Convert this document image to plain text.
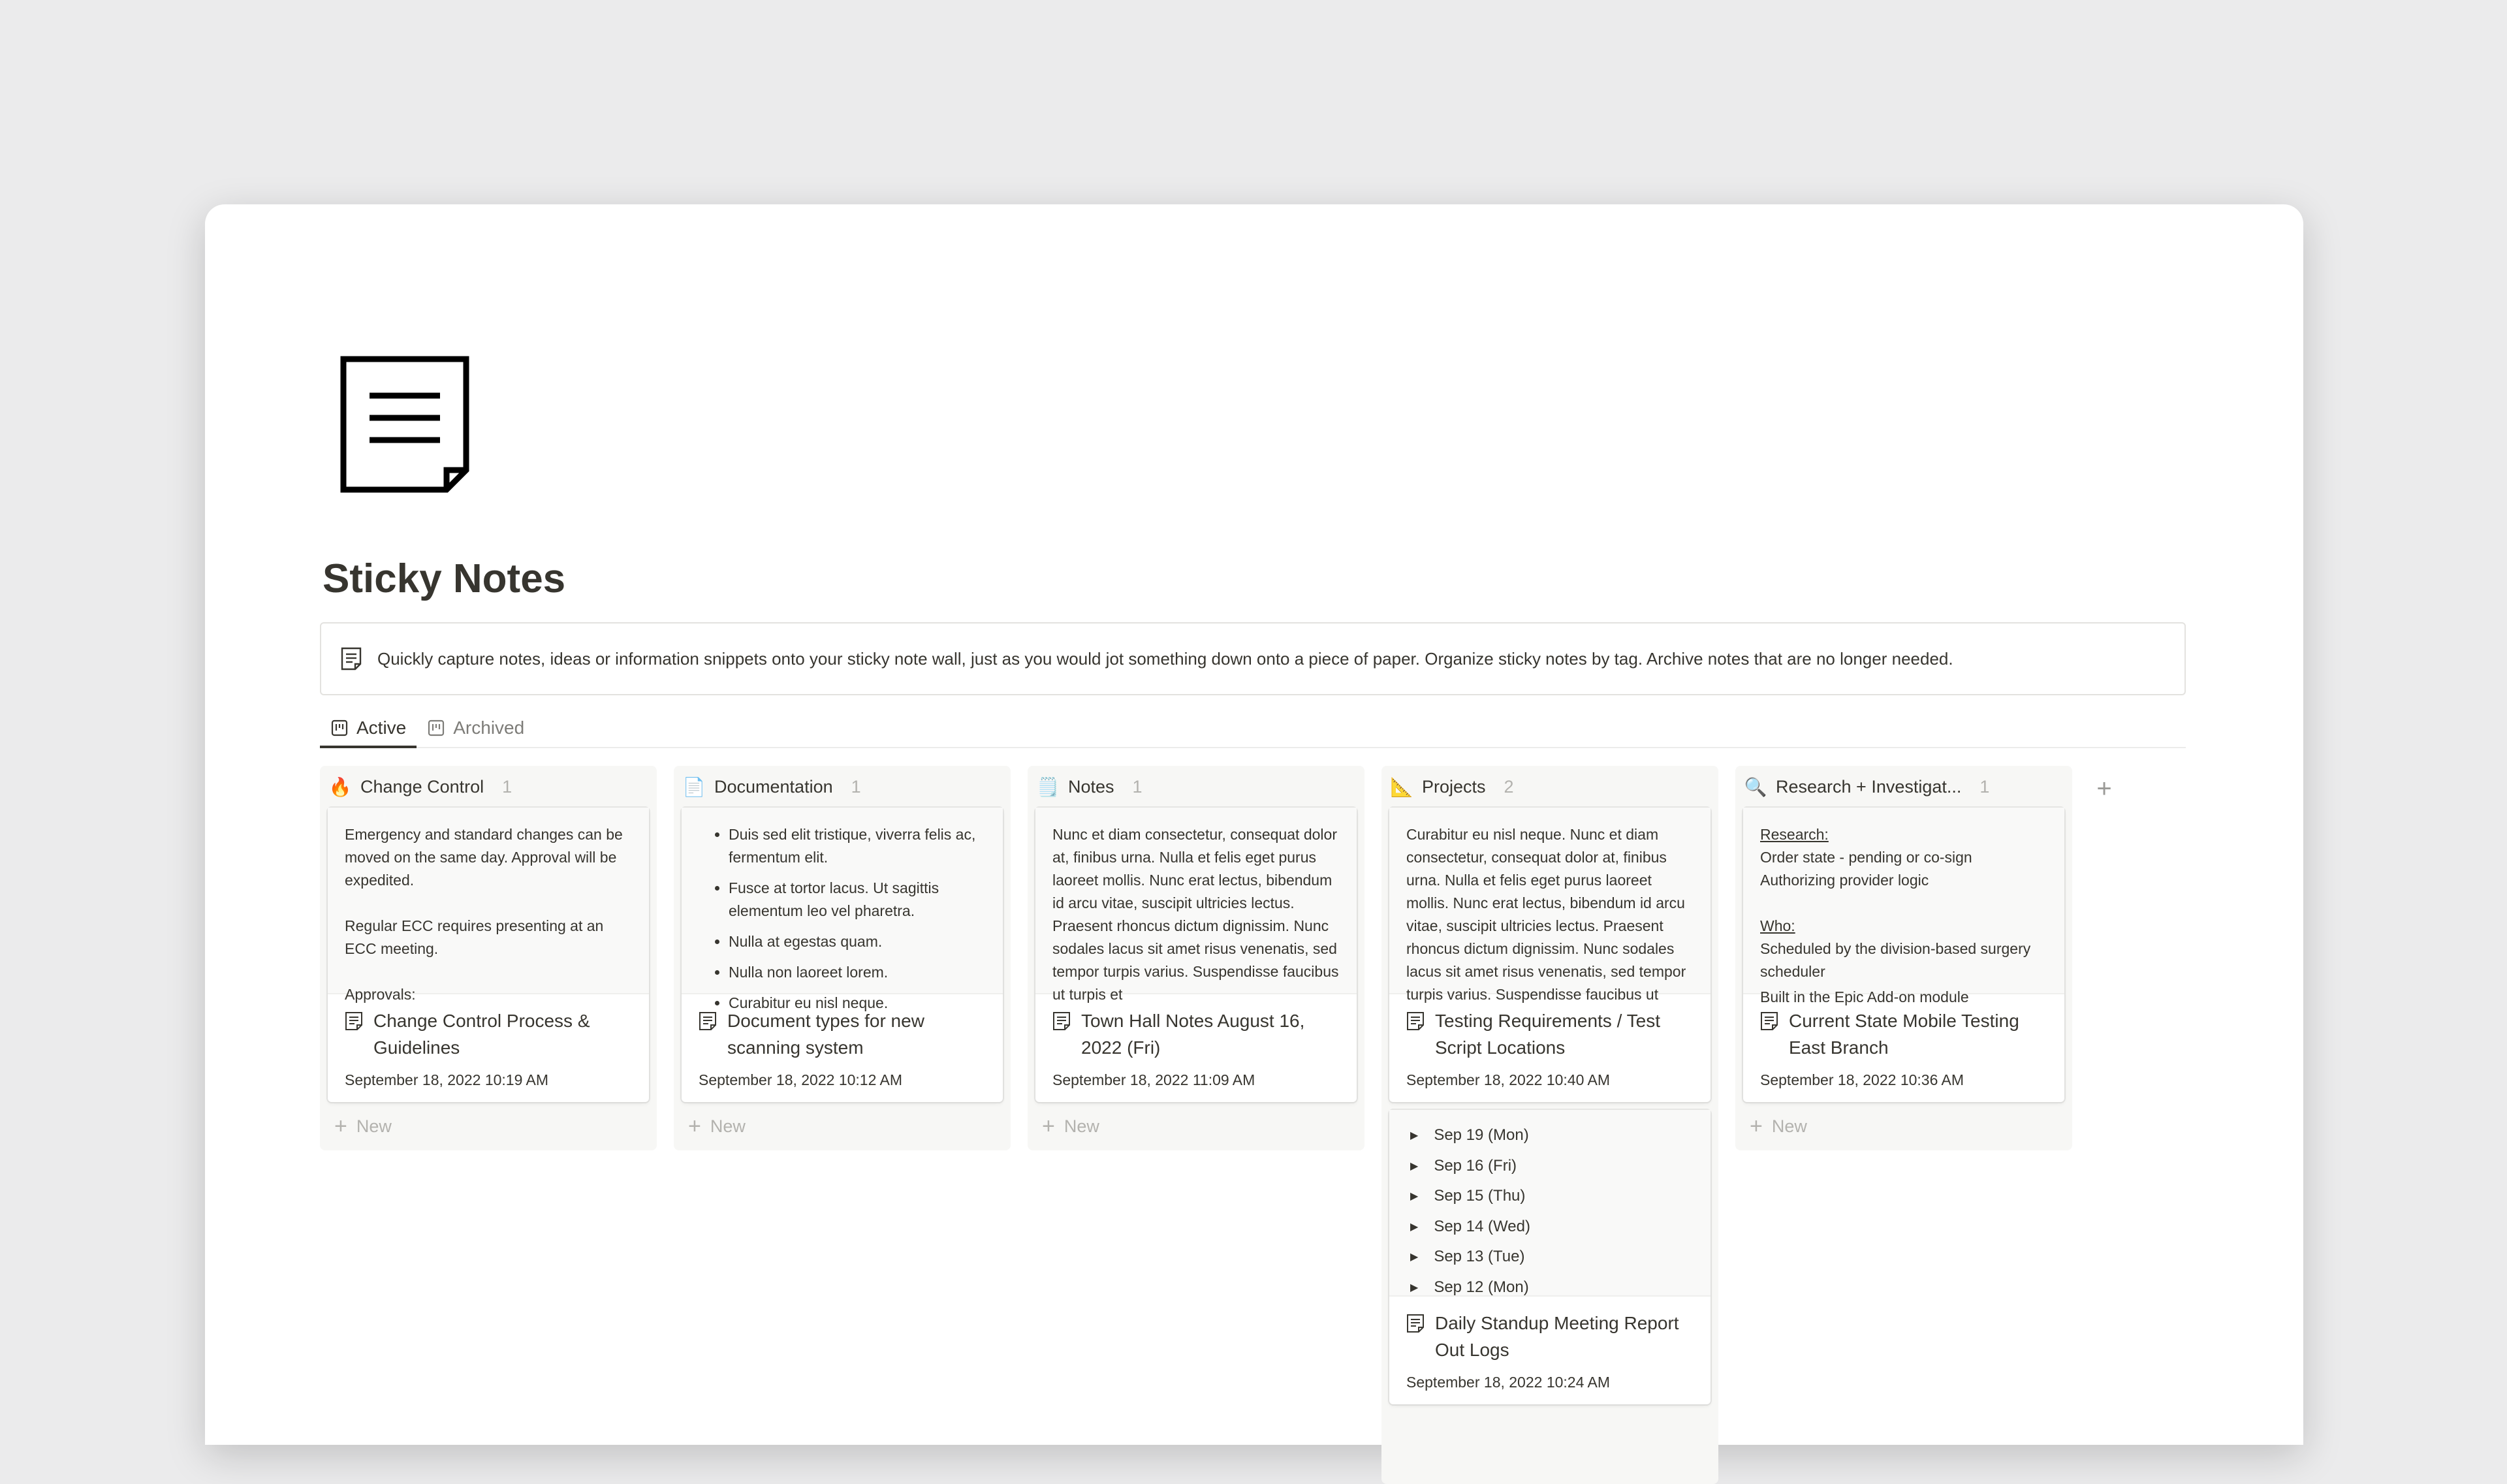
Sticky Notes
Quickly capture notes, ideas or information snippets onto your sticky note wall, just as you would jot something down onto a piece of paper. Organize sticky notes by tag. Archive notes that are no longer needed.
Active	Archived
🔥 Change Control 1

Emergency and standard changes can be moved on the same day. Approval will be expedited.

Regular ECC requires presenting at an ECC meeting.

Approvals:

Change Control Process &
Guidelines
September 18, 2022 10:19 AM
+ New
📄 Documentation 1
• Duis sed elit tristique, viverra felis ac, fermentum elit.
• Fusce at tortor lacus. Ut sagittis elementum leo vel pharetra.
• Nulla at egestas quam.
• Nulla non laoreet lorem.
• Curabitur eu nisl neque.
Document types for new
scanning system
September 18, 2022 10:12 AM
+ New
🗒️ Notes 1

Nunc et diam consectetur, consequat dolor at, finibus urna. Nulla et felis eget purus laoreet mollis. Nunc erat lectus, bibendum id arcu vitae, suscipit ultricies lectus. Praesent rhoncus dictum dignissim. Nunc sodales lacus sit amet risus venenatis, sed tempor turpis varius. Suspendisse faucibus ut turpis et

Town Hall Notes August 16,
2022 (Fri)
September 18, 2022 11:09 AM
+ New
📐 Projects 2

Curabitur eu nisl neque. Nunc et diam consectetur, consequat dolor at, finibus urna. Nulla et felis eget purus laoreet mollis. Nunc erat lectus, bibendum id arcu vitae, suscipit ultricies lectus. Praesent rhoncus dictum dignissim. Nunc sodales lacus sit amet risus venenatis, sed tempor turpis varius. Suspendisse faucibus ut

Testing Requirements / Test
Script Locations
September 18, 2022 10:40 AM
▶ Sep 19 (Mon)
▶ Sep 16 (Fri)
▶ Sep 15 (Thu)
▶ Sep 14 (Wed)
▶ Sep 13 (Tue)
▶ Sep 12 (Mon)
Daily Standup Meeting Report
Out Logs
September 18, 2022 10:24 AM
🔍 Research + Investigat... 1

Research:

Order state - pending or co-sign

Authorizing provider logic

Who:

Scheduled by the division-based surgery scheduler

Built in the Epic Add-on module

Current State Mobile Testing
East Branch
September 18, 2022 10:36 AM
+ New
+
